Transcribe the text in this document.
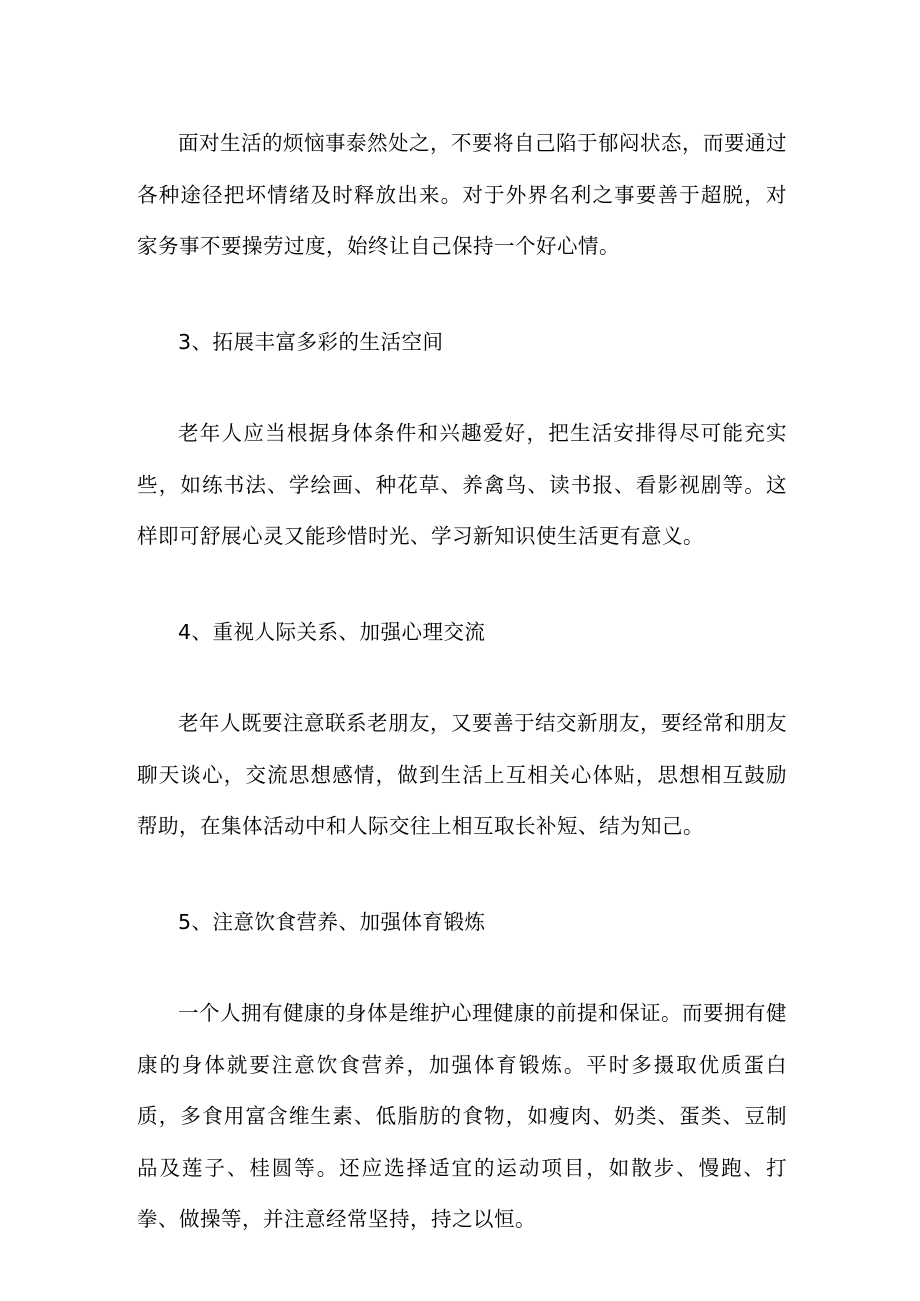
面对生活的烦恼事泰然处之，不要将自己陷于郁闷状态，而要通过各种途径把坏情绪及时释放出来。对于外界名利之事要善于超脱，对家务事不要操劳过度，始终让自己保持一个好心情。

3、拓展丰富多彩的生活空间

老年人应当根据身体条件和兴趣爱好，把生活安排得尽可能充实些，如练书法、学绘画、种花草、养禽鸟、读书报、看影视剧等。这样即可舒展心灵又能珍惜时光、学习新知识使生活更有意义。

4、重视人际关系、加强心理交流

老年人既要注意联系老朋友，又要善于结交新朋友，要经常和朋友聊天谈心，交流思想感情，做到生活上互相关心体贴，思想相互鼓励帮助，在集体活动中和人际交往上相互取长补短、结为知己。

5、注意饮食营养、加强体育锻炼

一个人拥有健康的身体是维护心理健康的前提和保证。而要拥有健康的身体就要注意饮食营养，加强体育锻炼。平时多摄取优质蛋白质，多食用富含维生素、低脂肪的食物，如瘦肉、奶类、蛋类、豆制品及莲子、桂圆等。还应选择适宜的运动项目，如散步、慢跑、打拳、做操等，并注意经常坚持，持之以恒。
